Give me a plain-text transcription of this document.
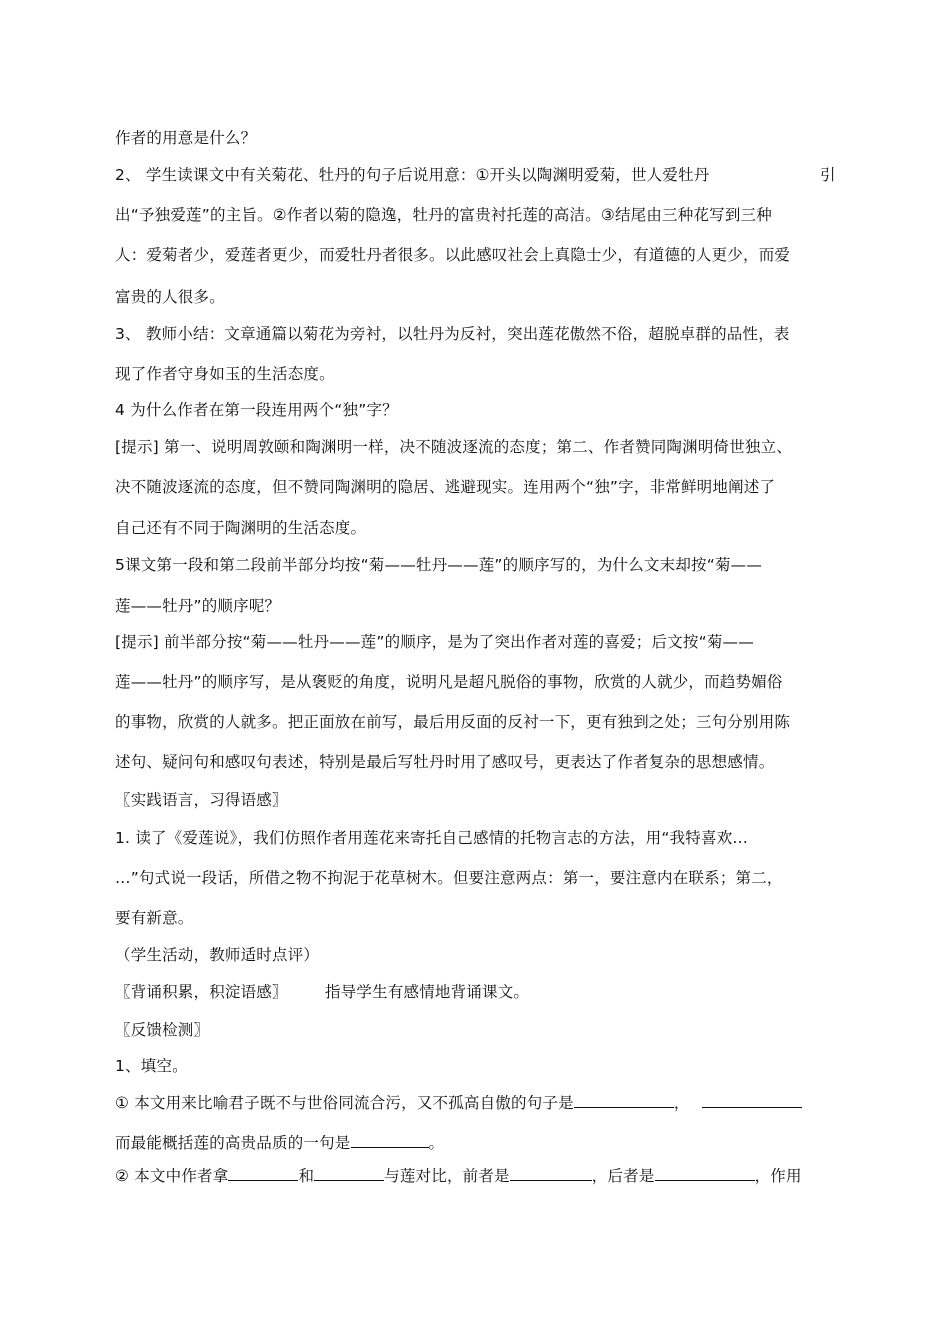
作者的用意是什么？
2、 学生读课文中有关菊花、牡丹的句子后说用意：①开头以陶渊明爱菊，世人爱牡丹	引
出“予独爱莲”的主旨。②作者以菊的隐逸，牡丹的富贵衬托莲的高洁。③结尾由三种花写到三种
人：爱菊者少，爱莲者更少，而爱牡丹者很多。以此感叹社会上真隐士少，有道德的人更少，而爱
富贵的人很多。
3、 教师小结：文章通篇以菊花为旁衬，以牡丹为反衬，突出莲花傲然不俗，超脱卓群的品性，表
现了作者守身如玉的生活态度。
4 为什么作者在第一段连用两个“独”字？
[提示] 第一、说明周敦颐和陶渊明一样，决不随波逐流的态度；第二、作者赞同陶渊明倚世独立、
决不随波逐流的态度，但不赞同陶渊明的隐居、逃避现实。连用两个“独”字，非常鲜明地阐述了
自己还有不同于陶渊明的生活态度。
5课文第一段和第二段前半部分均按“菊——牡丹——莲”的顺序写的，为什么文末却按“菊——
莲——牡丹”的顺序呢？
[提示] 前半部分按“菊——牡丹——莲”的顺序，是为了突出作者对莲的喜爱；后文按“菊——
莲——牡丹”的顺序写，是从褒贬的角度，说明凡是超凡脱俗的事物，欣赏的人就少，而趋势媚俗
的事物，欣赏的人就多。把正面放在前写，最后用反面的反衬一下，更有独到之处；三句分别用陈
述句、疑问句和感叹句表述，特别是最后写牡丹时用了感叹号，更表达了作者复杂的思想感情。
〖实践语言，习得语感〗
1. 读了《爱莲说》，我们仿照作者用莲花来寄托自己感情的托物言志的方法，用“我特喜欢…
…”句式说一段话，所借之物不拘泥于花草树木。但要注意两点：第一，要注意内在联系；第二，
要有新意。
（学生活动，教师适时点评）
〖背诵积累，积淀语感〗 指导学生有感情地背诵课文。
〖反馈检测〗
1、填空。
① 本文用来比喻君子既不与世俗同流合污，又不孤高自傲的句子是	，
而最能概括莲的高贵品质的一句是	。
② 本文中作者拿	和	与莲对比，前者是	，后者是	，作用
